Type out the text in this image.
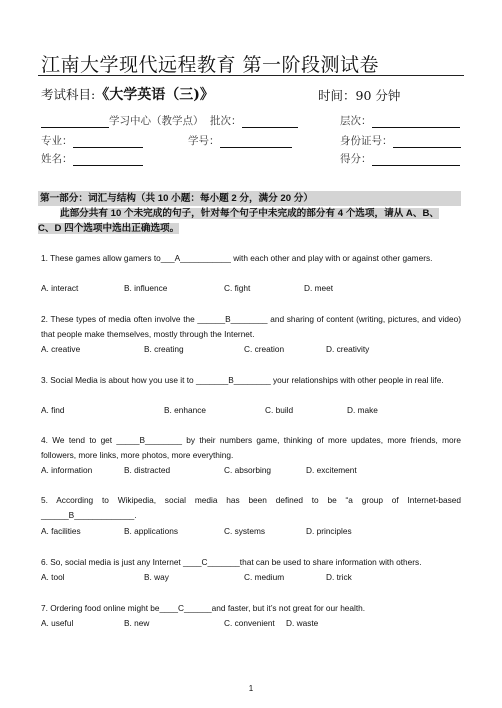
江南大学现代远程教育 第一阶段测试卷
考试科目:《大学英语（三)》	时间：90 分钟
学习中心（教学点） 批次：	层次：
专业：	学号：	身份证号：
姓名：	得分：
第一部分：词汇与结构（共 10 小题：每小题 2 分，满分 20 分）
此部分共有 10 个未完成的句子，针对每个句子中未完成的部分有 4 个选项，请从 A、B、
C、D 四个选项中选出正确选项。
1. These games allow gamers to___A___________ with each other and play with or against other gamers.
A. interact	B. influence	C. fight	D. meet
2. These types of media often involve the ______B________ and sharing of content (writing, pictures, and video) that people make themselves, mostly through the Internet.
A. creative	B. creating	C. creation	D. creativity
3. Social Media is about how you use it to _______B________ your relationships with other people in real life.
A. find	B. enhance	C. build	D. make
4. We tend to get _____B________ by their numbers game, thinking of more updates, more friends, more followers, more links, more photos, more everything.
A. information	B. distracted	C. absorbing	D. excitement
5. According to Wikipedia, social media has been defined to be “a group of Internet-based ______B_____________.
A. facilities	B. applications	C. systems	D. principles
6. So, social media is just any Internet ____C_______that can be used to share information with others.
A. tool	B. way	C. medium	D. trick
7. Ordering food online might be____C______and faster, but it’s not great for our health.
A. useful	B. new	C. convenient D. waste
1
